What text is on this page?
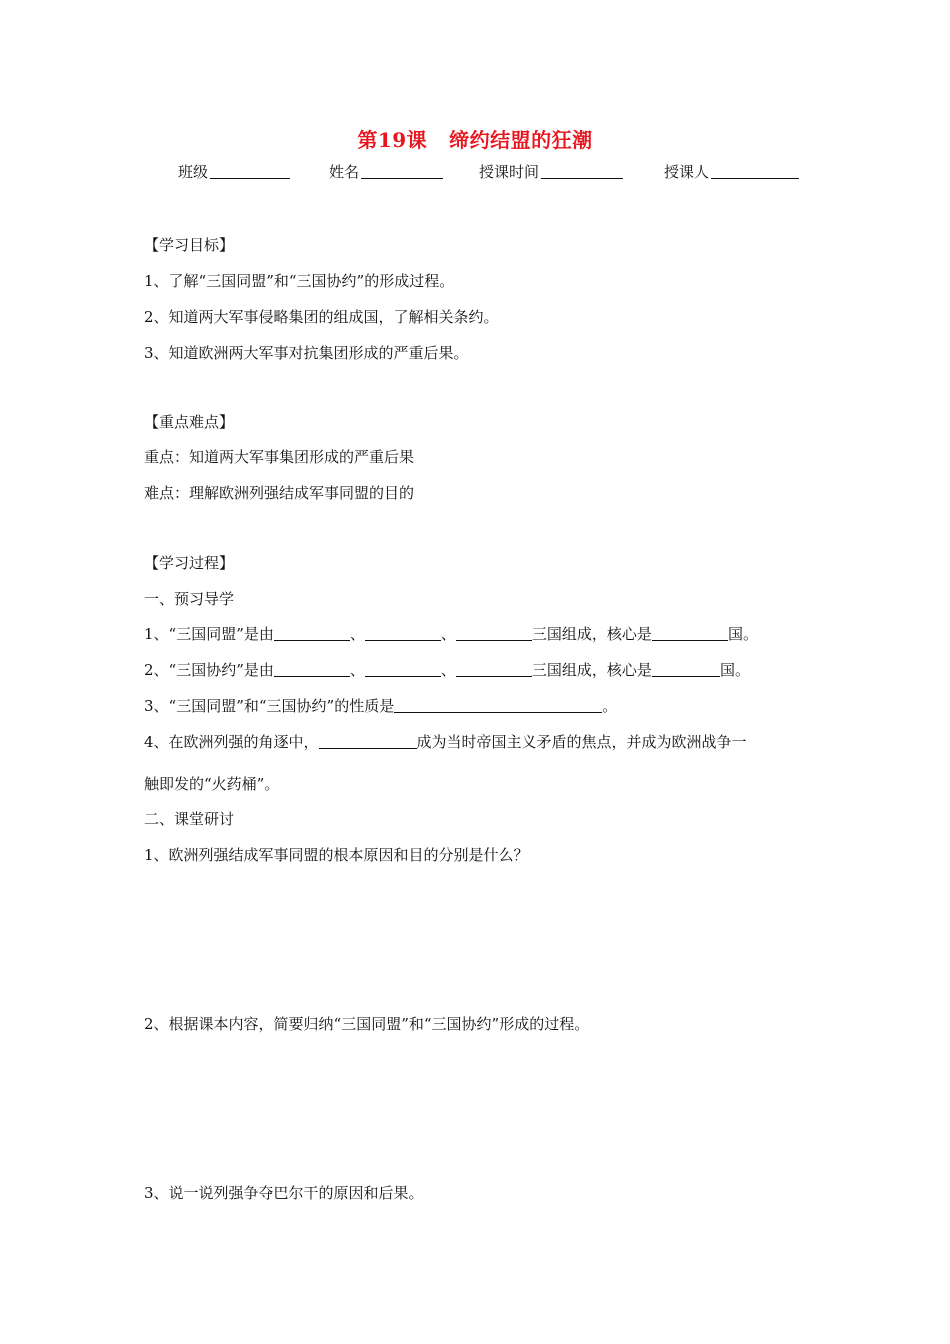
第19课 缔约结盟的狂潮
班级	姓名	授课时间	授课人
【学习目标】
1、了解“三国同盟”和“三国协约”的形成过程。
2、知道两大军事侵略集团的组成国，了解相关条约。
3、知道欧洲两大军事对抗集团形成的严重后果。
【重点难点】
重点：知道两大军事集团形成的严重后果
难点：理解欧洲列强结成军事同盟的目的
【学习过程】
一、预习导学
1、“三国同盟”是由	、	、	三国组成，核心是	国。
2、“三国协约”是由	、	、	三国组成，核心是	国。
3、“三国同盟”和“三国协约”的性质是	。
4、在欧洲列强的角逐中，	成为当时帝国主义矛盾的焦点，并成为欧洲战争一
触即发的“火药桶”。
二、课堂研讨
1、欧洲列强结成军事同盟的根本原因和目的分别是什么？
2、根据课本内容，简要归纳“三国同盟”和“三国协约”形成的过程。
3、说一说列强争夺巴尔干的原因和后果。
